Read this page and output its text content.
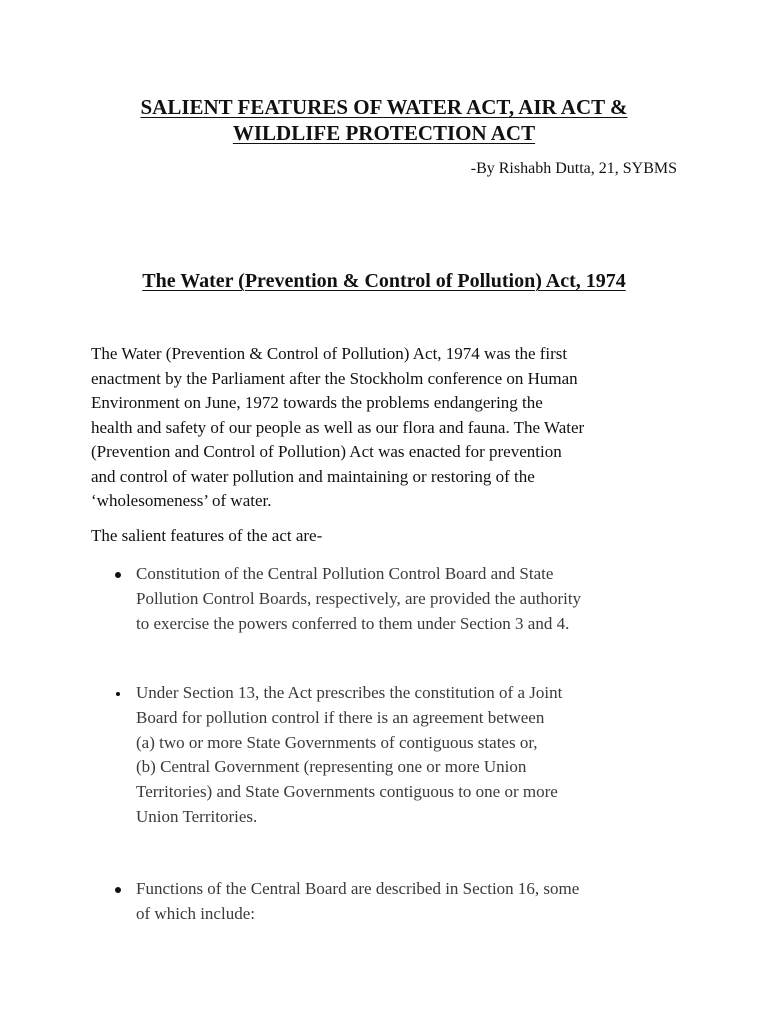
SALIENT FEATURES OF WATER ACT, AIR ACT &
WILDLIFE PROTECTION ACT
-By Rishabh Dutta, 21, SYBMS
The Water (Prevention & Control of Pollution) Act, 1974

The Water (Prevention & Control of Pollution) Act, 1974 was the first
enactment by the Parliament after the Stockholm conference on Human
Environment on June, 1972 towards the problems endangering the
health and safety of our people as well as our flora and fauna. The Water
(Prevention and Control of Pollution) Act was enacted for prevention
and control of water pollution and maintaining or restoring of the
‘wholesomeness’ of water.

The salient features of the act are-

Constitution of the Central Pollution Control Board and State
Pollution Control Boards, respectively, are provided the authority
to exercise the powers conferred to them under Section 3 and 4.
Under Section 13, the Act prescribes the constitution of a Joint
Board for pollution control if there is an agreement between
(a) two or more State Governments of contiguous states or,
(b) Central Government (representing one or more Union
Territories) and State Governments contiguous to one or more
Union Territories.
Functions of the Central Board are described in Section 16, some
of which include:
